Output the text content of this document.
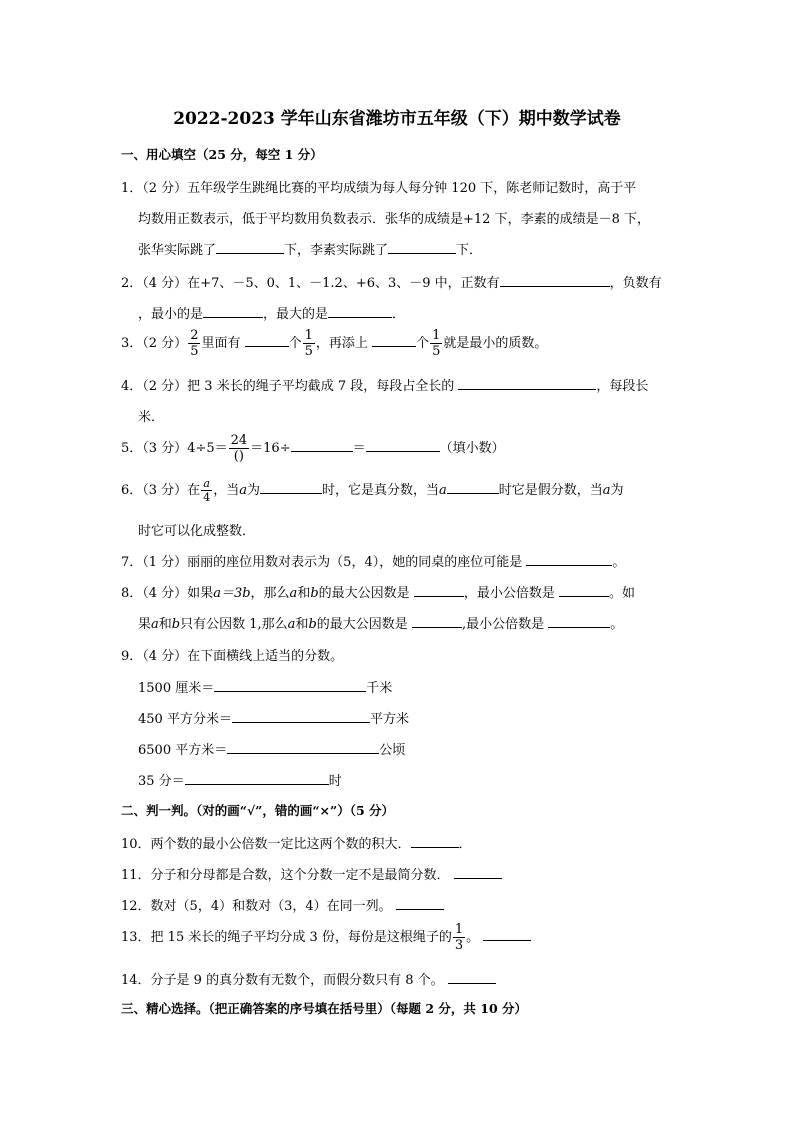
2022-2023 学年山东省潍坊市五年级（下）期中数学试卷
一、用心填空（25 分，每空 1 分）
1．（2 分）五年级学生跳绳比赛的平均成绩为每人每分钟 120 下，陈老师记数时，高于平
均数用正数表示，低于平均数用负数表示．张华的成绩是+12 下，李素的成绩是－8 下，
张华实际跳了	下，李素实际跳了	下．
2．（4 分）在+7、－5、0、1、－1.2、+6、3、－9 中，正数有	，负数有
，最小的是	，最大的是	．
3．（2 分） $\frac{2}{5}$ 里面有	个 $\frac{1}{5}$ ，再添上	个 $\frac{1}{5}$ 就是最小的质数。
4．（2 分）把 3 米长的绳子平均截成 7 段，每段占全长的	，每段长
米．
5．（3 分）$4\div 5= \frac{24}{()} =16\div$	＝	（填小数）
6．（3 分）在 $\frac{a}{4}$ ，当a为	时，它是真分数，当a	时它是假分数，当a为
时它可以化成整数．
7．（1 分）丽丽的座位用数对表示为（5，4），她的同桌的座位可能是	。
8．（4 分）如果a＝3b，那么a和b的最大公因数是	，最小公倍数是	。如
果a和b只有公因数 1,那么a和b的最大公因数是	,最小公倍数是	。
9．（4 分）在下面横线上适当的分数。
1500 厘米＝	千米
450 平方分米＝	平方米
6500 平方米＝	公顷
35 分＝	时
二、判一判。（对的画“√”，错的画“×”）（5 分）
10．两个数的最小公倍数一定比这两个数的积大．	．
11．分子和分母都是合数，这个分数一定不是最简分数．
12．数对（5，4）和数对（3，4）在同一列。
13．把 15 米长的绳子平均分成 3 份，每份是这根绳子的 $\frac{1}{3}$ 。
14．分子是 9 的真分数有无数个，而假分数只有 8 个。
三、精心选择。（把正确答案的序号填在括号里）（每题 2 分，共 10 分）
